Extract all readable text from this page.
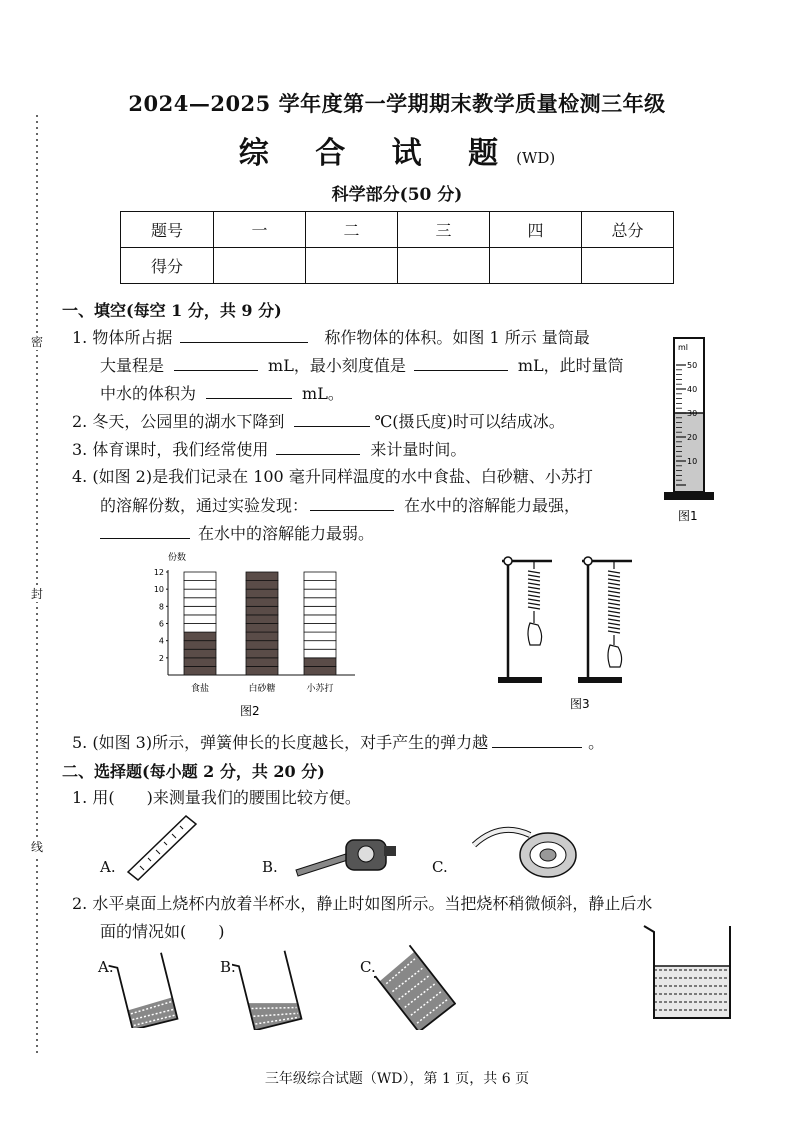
密
封
线
2024—2025 学年度第一学期期末教学质量检测三年级
综 合 试 题(WD)
科学部分(50 分)
题号	一	二	三	四	总分
得分					
一、填空(每空 1 分，共 9 分)
1. 物体所占据	称作物体的体积。如图 1 所示 量筒最
大量程是	mL，最小刻度值是	mL，此时量筒
中水的体积为	mL。
2. 冬天，公园里的湖水下降到	℃(摄氏度)时可以结成冰。
3. 体育课时，我们经常使用	来计量时间。
4. (如图 2)是我们记录在 100 毫升同样温度的水中食盐、白砂糖、小苏打
的溶解份数，通过实验发现：	在水中的溶解能力最强，
在水中的溶解能力最弱。
ml
50
40
30
20
10
图1
份数
2
4
6
8
10
12
食盐	白砂糖	小苏打
图2	图3
5. (如图 3)所示，弹簧伸长的长度越长，对手产生的弹力越	。
二、选择题(每小题 2 分，共 20 分)
1. 用(　　)来测量我们的腰围比较方便。
A.	B.	C.
2. 水平桌面上烧杯内放着半杯水，静止时如图所示。当把烧杯稍微倾斜，静止后水
面的情况如(　　)
A.	B.	C.
三年级综合试题（WD），第 1 页，共 6 页
